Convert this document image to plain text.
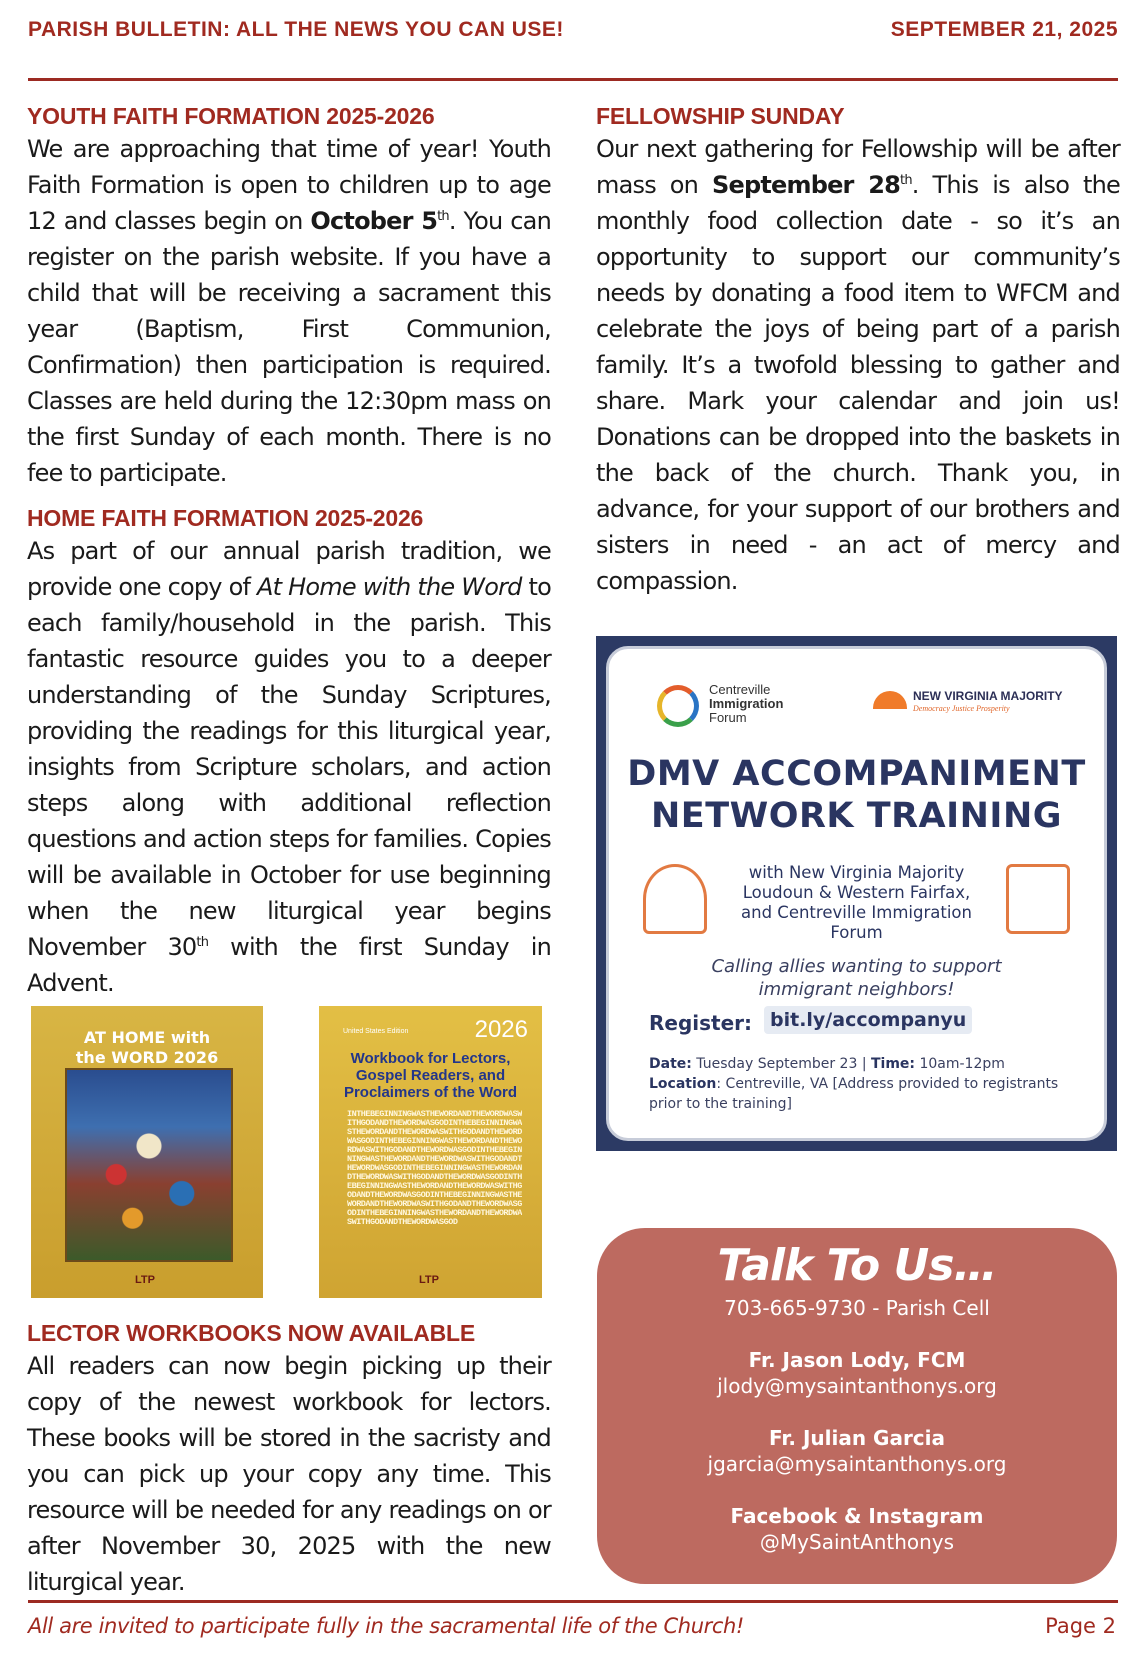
PARISH BULLETIN: ALL THE NEWS YOU CAN USE!	SEPTEMBER 21, 2025
YOUTH FAITH FORMATION 2025-2026

We are approaching that time of year! Youth Faith Formation is open to children up to age 12 and classes begin on October 5th. You can register on the parish website. If you have a child that will be receiving a sacrament this year (Baptism, First Communion, Confirmation) then participation is required. Classes are held during the 12:30pm mass on the first Sunday of each month. There is no fee to participate.

HOME FAITH FORMATION 2025-2026

As part of our annual parish tradition, we provide one copy of At Home with the Word to each family/household in the parish. This fantastic resource guides you to a deeper understanding of the Sunday Scriptures, providing the readings for this liturgical year, insights from Scripture scholars, and action steps along with additional reflection questions and action steps for families. Copies will be available in October for use beginning when the new liturgical year begins November 30th with the first Sunday in Advent.

AT HOME with
the WORD 2026
LTP
United States Edition	2026
Workbook for Lectors,
Gospel Readers, and
Proclaimers of the Word
INTHEBEGINNINGWASTHEWORDANDTHEWORDWASWITHGODANDTHEWORDWASGODINTHEBEGINNINGWASTHEWORDANDTHEWORDWASWITHGODANDTHEWORDWASGODINTHEBEGINNINGWASTHEWORDANDTHEWORDWASWITHGODANDTHEWORDWASGODINTHEBEGINNINGWASTHEWORDANDTHEWORDWASWITHGODANDTHEWORDWASGODINTHEBEGINNINGWASTHEWORDANDTHEWORDWASWITHGODANDTHEWORDWASGODINTHEBEGINNINGWASTHEWORDANDTHEWORDWASWITHGODANDTHEWORDWASGODINTHEBEGINNINGWASTHEWORDANDTHEWORDWASWITHGODANDTHEWORDWASGODINTHEBEGINNINGWASTHEWORDANDTHEWORDWASWITHGODANDTHEWORDWASGOD
LTP
LECTOR WORKBOOKS NOW AVAILABLE

All readers can now begin picking up their copy of the newest workbook for lectors. These books will be stored in the sacristy and you can pick up your copy any time. This resource will be needed for any readings on or after November 30, 2025 with the new liturgical year.

FELLOWSHIP SUNDAY

Our next gathering for Fellowship will be after mass on September 28th. This is also the monthly food collection date - so it’s an opportunity to support our community’s needs by donating a food item to WFCM and celebrate the joys of being part of a parish family. It’s a twofold blessing to gather and share. Mark your calendar and join us! Donations can be dropped into the baskets in the back of the church. Thank you, in advance, for your support of our brothers and sisters in need - an act of mercy and compassion.

Centreville
Immigration
Forum
NEW VIRGINIA MAJORITY
Democracy Justice Prosperity
DMV ACCOMPANIMENT
NETWORK TRAINING
with New Virginia Majority
Loudoun & Western Fairfax,
and Centreville Immigration
Forum
Calling allies wanting to support
immigrant neighbors!
Register: bit.ly/accompanyu
Date: Tuesday September 23 | Time: 10am-12pm
Location: Centreville, VA [Address provided to registrants prior to the training]
Talk To Us…
703-665-9730 - Parish Cell
Fr. Jason Lody, FCM
jlody@mysaintanthonys.org
Fr. Julian Garcia
jgarcia@mysaintanthonys.org
Facebook & Instagram
@MySaintAnthonys
All are invited to participate fully in the sacramental life of the Church!	Page 2
